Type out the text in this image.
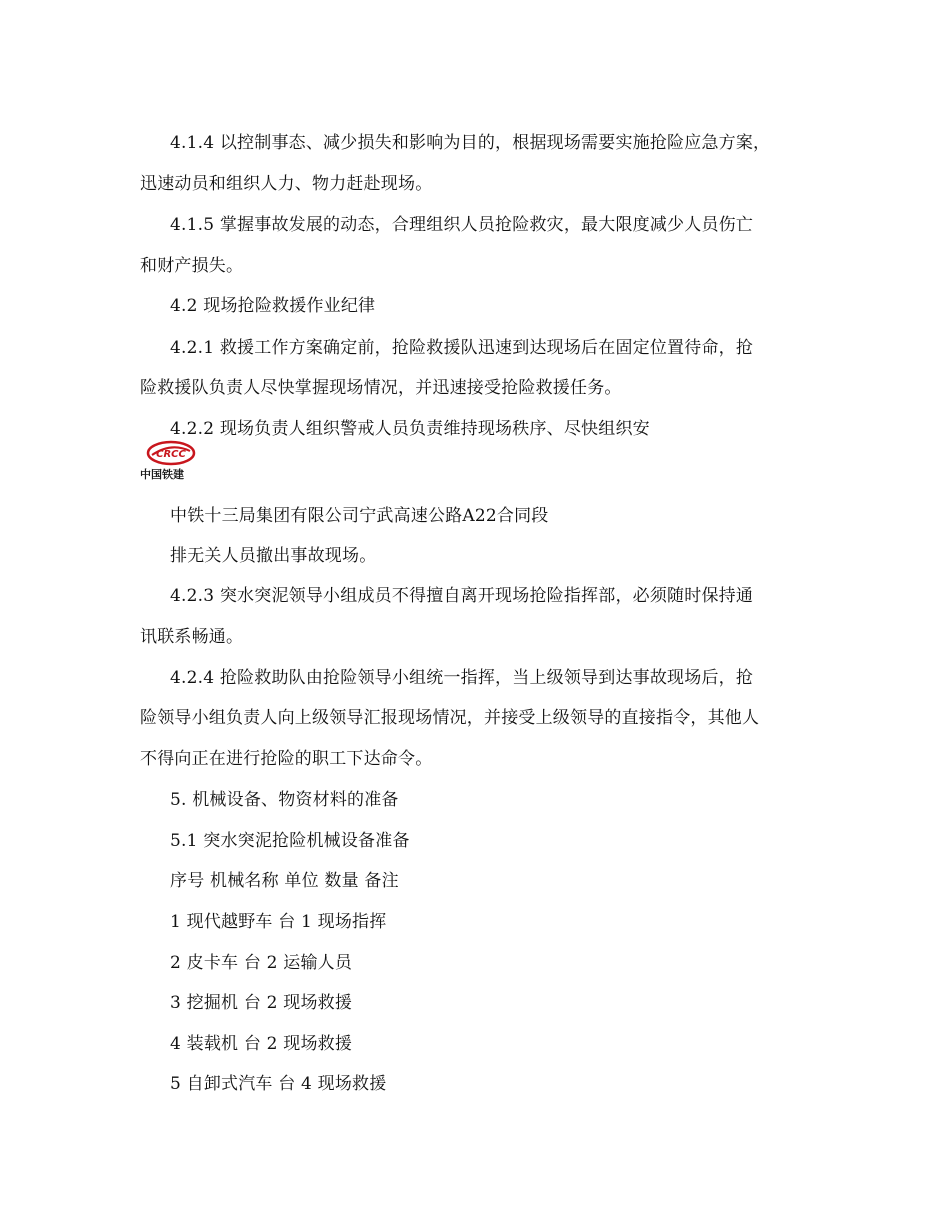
4.1.4 以控制事态、减少损失和影响为目的，根据现场需要实施抢险应急方案，
迅速动员和组织人力、物力赶赴现场。
4.1.5 掌握事故发展的动态，合理组织人员抢险救灾，最大限度减少人员伤亡
和财产损失。
4.2 现场抢险救援作业纪律
4.2.1 救援工作方案确定前，抢险救援队迅速到达现场后在固定位置待命，抢
险救援队负责人尽快掌握现场情况，并迅速接受抢险救援任务。
4.2.2 现场负责人组织警戒人员负责维持现场秩序、尽快组织安
CRCC
中国铁建
中铁十三局集团有限公司宁武高速公路A22合同段
排无关人员撤出事故现场。
4.2.3 突水突泥领导小组成员不得擅自离开现场抢险指挥部，必须随时保持通
讯联系畅通。
4.2.4 抢险救助队由抢险领导小组统一指挥，当上级领导到达事故现场后，抢
险领导小组负责人向上级领导汇报现场情况，并接受上级领导的直接指令，其他人
不得向正在进行抢险的职工下达命令。
5. 机械设备、物资材料的准备
5.1 突水突泥抢险机械设备准备
序号 机械名称 单位 数量 备注
1 现代越野车 台 1 现场指挥
2 皮卡车 台 2 运输人员
3 挖掘机 台 2 现场救援
4 装载机 台 2 现场救援
5 自卸式汽车 台 4 现场救援
